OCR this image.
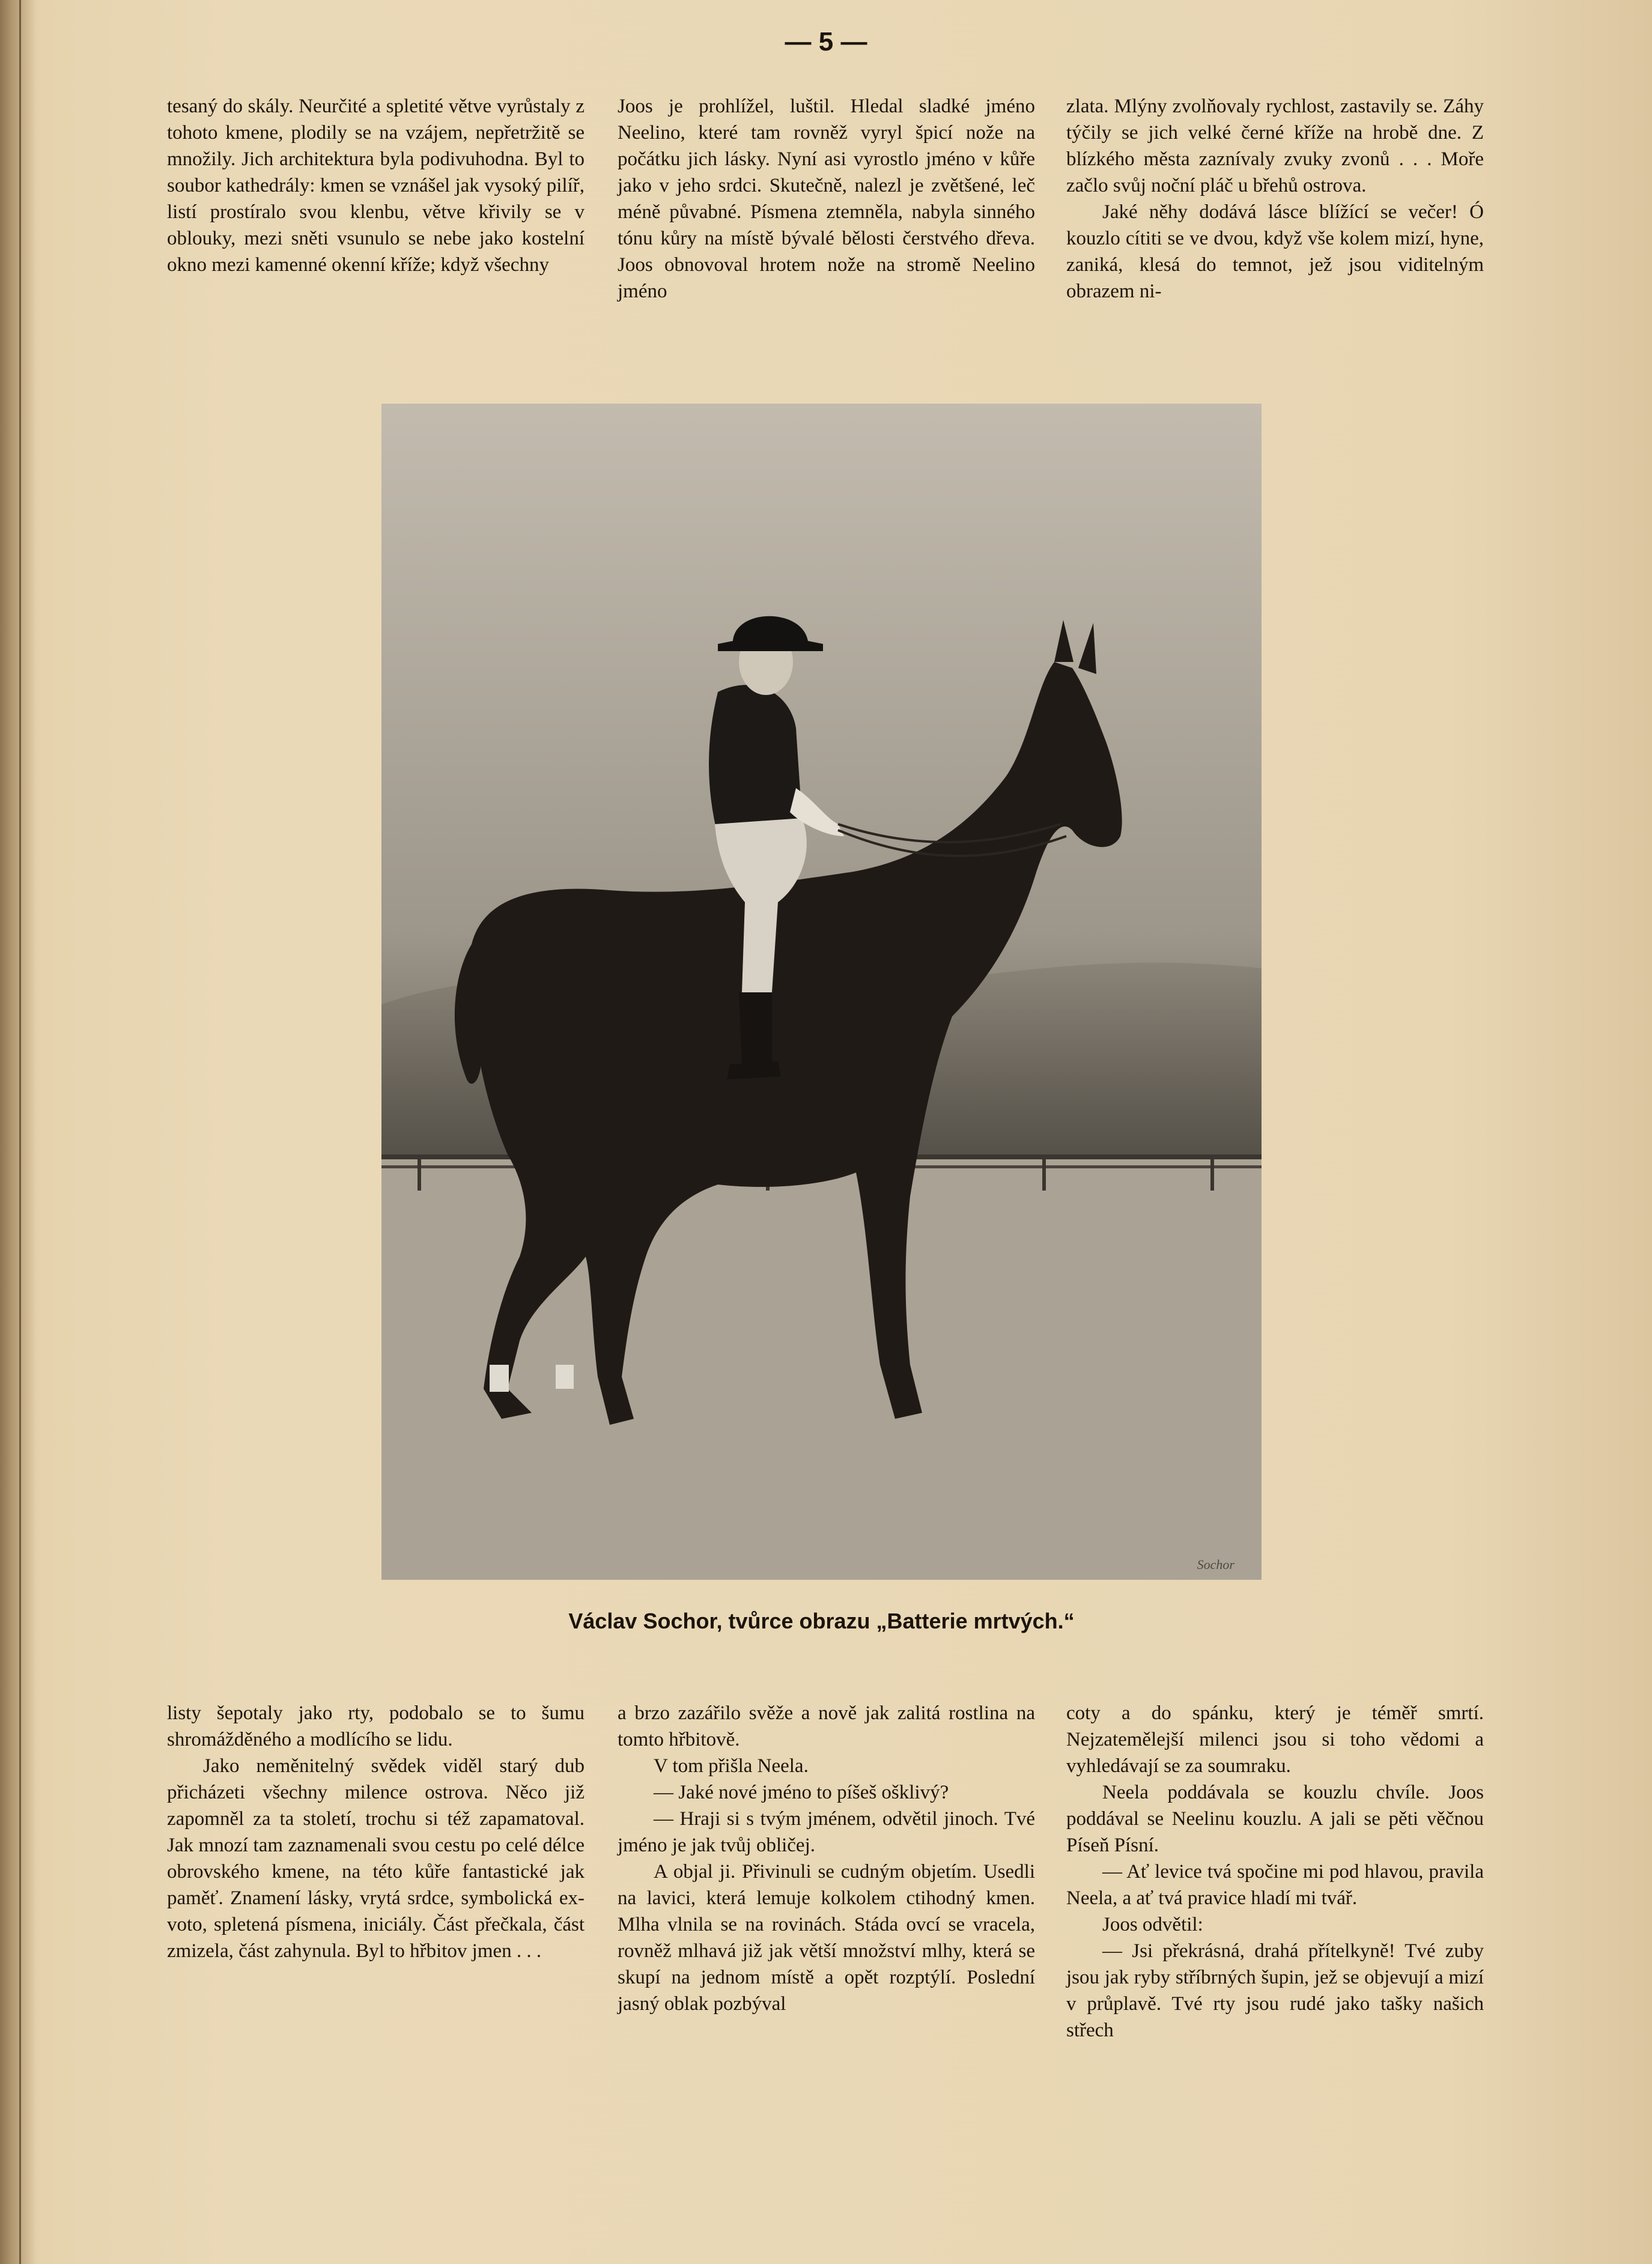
— 5 —

tesaný do skály. Neurčité a spletité větve vyrůstaly z tohoto kmene, plodily se na vzájem, nepřetržitě se množily. Jich architektura byla podivuhodna. Byl to soubor kathedrály: kmen se vznášel jak vysoký pilíř, listí prostíralo svou klenbu, větve křivily se v oblouky, mezi sněti vsunulo se nebe jako kostelní okno mezi kamenné okenní kříže; když všechny

Joos je prohlížel, luštil. Hledal sladké jméno Neelino, které tam rovněž vyryl špicí nože na počátku jich lásky. Nyní asi vyrostlo jméno v kůře jako v jeho srdci. Skutečně, nalezl je zvětšené, leč méně půvabné. Písmena ztemněla, nabyla sinného tónu kůry na místě bývalé bělosti čerstvého dřeva. Joos obnovoval hrotem nože na stromě Neelino jméno

zlata. Mlýny zvolňovaly rychlost, zastavily se. Záhy týčily se jich velké černé kříže na hrobě dne. Z blízkého města zaznívaly zvuky zvonů . . . Moře začlo svůj noční pláč u břehů ostrova.

Jaké něhy dodává lásce blížící se večer! Ó kouzlo cítiti se ve dvou, když vše kolem mizí, hyne, zaniká, klesá do temnot, jež jsou viditelným obrazem ni-

Sochor
Václav Sochor, tvůrce obrazu „Batterie mrtvých.“

listy šepotaly jako rty, podobalo se to šumu shromážděného a modlícího se lidu.

Jako neměnitelný svědek viděl starý dub přicházeti všechny milence ostrova. Něco již zapomněl za ta století, trochu si též zapamatoval. Jak mnozí tam zaznamenali svou cestu po celé délce obrovského kmene, na této kůře fantastické jak paměť. Znamení lásky, vrytá srdce, symbolická ex-voto, spletená písmena, iniciály. Část přečkala, část zmizela, část zahynula. Byl to hřbitov jmen . . .

a brzo zazářilo svěže a nově jak zalitá rostlina na tomto hřbitově.

V tom přišla Neela.

— Jaké nové jméno to píšeš ošklivý?

— Hraji si s tvým jménem, odvětil jinoch. Tvé jméno je jak tvůj obličej.

A objal ji. Přivinuli se cudným objetím. Usedli na lavici, která lemuje kolkolem ctihodný kmen. Mlha vlnila se na rovinách. Stáda ovcí se vracela, rovněž mlhavá již jak větší množství mlhy, která se skupí na jednom místě a opět rozptýlí. Poslední jasný oblak pozbýval

coty a do spánku, který je téměř smrtí. Nejzatemělejší milenci jsou si toho vědomi a vyhledávají se za soumraku.

Neela poddávala se kouzlu chvíle. Joos poddával se Neelinu kouzlu. A jali se pěti věčnou Píseň Písní.

— Ať levice tvá spočine mi pod hlavou, pravila Neela, a ať tvá pravice hladí mi tvář.

Joos odvětil:

— Jsi překrásná, drahá přítelkyně! Tvé zuby jsou jak ryby stříbrných šupin, jež se objevují a mizí v průplavě. Tvé rty jsou rudé jako tašky našich střech
